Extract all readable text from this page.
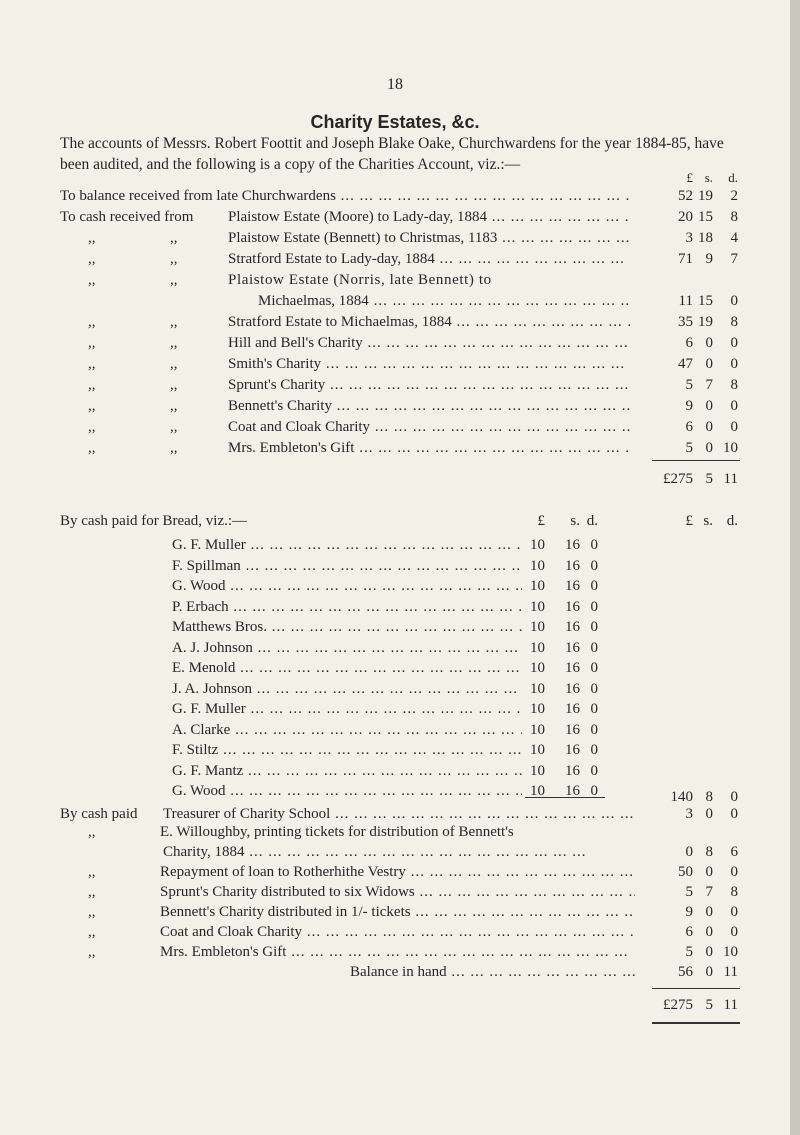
18
Charity Estates, &c.
The accounts of Messrs. Robert Foottit and Joseph Blake Oake, Churchwardens for the year 1884-85, have been audited, and the following is a copy of the Charities Account, viz.:—
£ s. d.
To balance received from late Churchwardens ... .	52 19 2
To cash received from Plaistow Estate (Moore) to Lady-day, 1884 ... .	20 15 8
,,	,,	Plaistow Estate (Bennett) to Christmas, 1183 ... .	3 18 4
,,	,,	Stratford Estate to Lady-day, 1884 ... .	71 9 7
,,	,,	Plaistow Estate (Norris, late Bennett) to
Michaelmas, 1884 ... .	11 15 0
,,	,,	Stratford Estate to Michaelmas, 1884 ... .	35 19 8
,,	,,	Hill and Bell's Charity ... .	6 0 0
,,	,,	Smith's Charity ... .	47 0 0
,,	,,	Sprunt's Charity ... .	5 7 8
,,	,,	Bennett's Charity ... .	9 0 0
,,	,,	Coat and Cloak Charity ... .	6 0 0
,,	,,	Mrs. Embleton's Gift ... .	5 0 10
£275 5 11
By cash paid for Bread, viz.:—	£ s. d.	£ s. d.
G. F. Muller ... .	10 16 0
F. Spillman ... .	10 16 0
G. Wood ... .	10 16 0
P. Erbach ... .	10 16 0
Matthews Bros. ... .	10 16 0
A. J. Johnson ... .	10 16 0
E. Menold ... .	10 16 0
J. A. Johnson ... .	10 16 0
G. F. Muller ... .	10 16 0
A. Clarke ... .	10 16 0
F. Stiltz ... .	10 16 0
G. F. Mantz ... .	10 16 0
G. Wood ... .	10 16 0	140 8 0
By cash paid Treasurer of Charity School ... .	3 0 0
,,	E. Willoughby, printing tickets for distribution of Bennett's
Charity, 1884 ... .	0 8 6
,,	Repayment of loan to Rotherhithe Vestry ... .	50 0 0
,,	Sprunt's Charity distributed to six Widows ... .	5 7 8
,,	Bennett's Charity distributed in 1/- tickets ... .	9 0 0
,,	Coat and Cloak Charity ... .	6 0 0
,,	Mrs. Embleton's Gift ... .	5 0 10
Balance in hand ... .	56 0 11
£275 5 11
